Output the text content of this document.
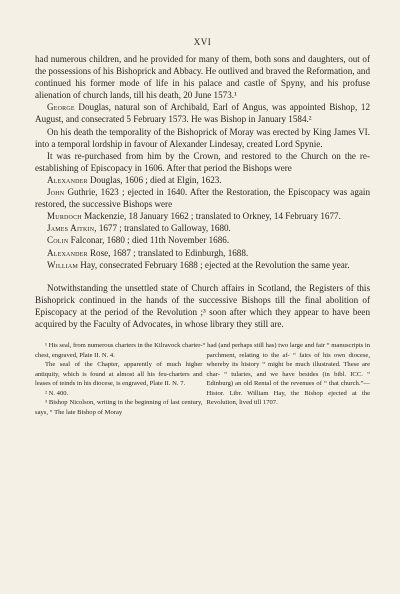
XVI

had numerous children, and he provided for many of them, both sons and daughters, out of the possessions of his Bishoprick and Abbacy. He outlived and braved the Reformation, and continued his former mode of life in his palace and castle of Spyny, and his profuse alienation of church lands, till his death, 20 June 1573.¹

George Douglas, natural son of Archibald, Earl of Angus, was appointed Bishop, 12 August, and consecrated 5 February 1573. He was Bishop in January 1584.²

On his death the temporality of the Bishoprick of Moray was erected by King James VI. into a temporal lordship in favour of Alexander Lindesay, created Lord Spynie.

It was re-purchased from him by the Crown, and restored to the Church on the re-establishing of Episcopacy in 1606. After that period the Bishops were

Alexander Douglas, 1606 ; died at Elgin, 1623.

John Guthrie, 1623 ; ejected in 1640. After the Restoration, the Episcopacy was again restored, the successive Bishops were

Murdoch Mackenzie, 18 January 1662 ; translated to Orkney, 14 February 1677.

James Aitkin, 1677 ; translated to Galloway, 1680.

Colin Falconar, 1680 ; died 11th November 1686.

Alexander Rose, 1687 ; translated to Edinburgh, 1688.

William Hay, consecrated February 1688 ; ejected at the Revolution the same year.

Notwithstanding the unsettled state of Church affairs in Scotland, the Registers of this Bishoprick continued in the hands of the successive Bishops till the final abolition of Episcopacy at the period of the Revolution ;³ soon after which they appear to have been acquired by the Faculty of Advocates, in whose library they still are.

¹ His seal, from numerous charters in the Kilravock charter-chest, engraved, Plate II. N. 4.

The seal of the Chapter, apparently of much higher antiquity, which is found at almost all his feu-charters and leases of teinds in his diocese, is engraved, Plate II. N. 7.

² N. 400.

³ Bishop Nicolson, writing in the beginning of last century, says, “ The late Bishop of Moray

“ had (and perhaps still has) two large and fair “ manuscripts in parchment, relating to the af- “ fairs of his own diocese, whereby its history “ might be much illustrated. These are char- “ tularies, and we have besides (in bibl. ICC. “ Edinburg) an old Rental of the revenues of “ that church.”—Histor. Libr. William Hay, the Bishop ejected at the Revolution, lived till 1707.
